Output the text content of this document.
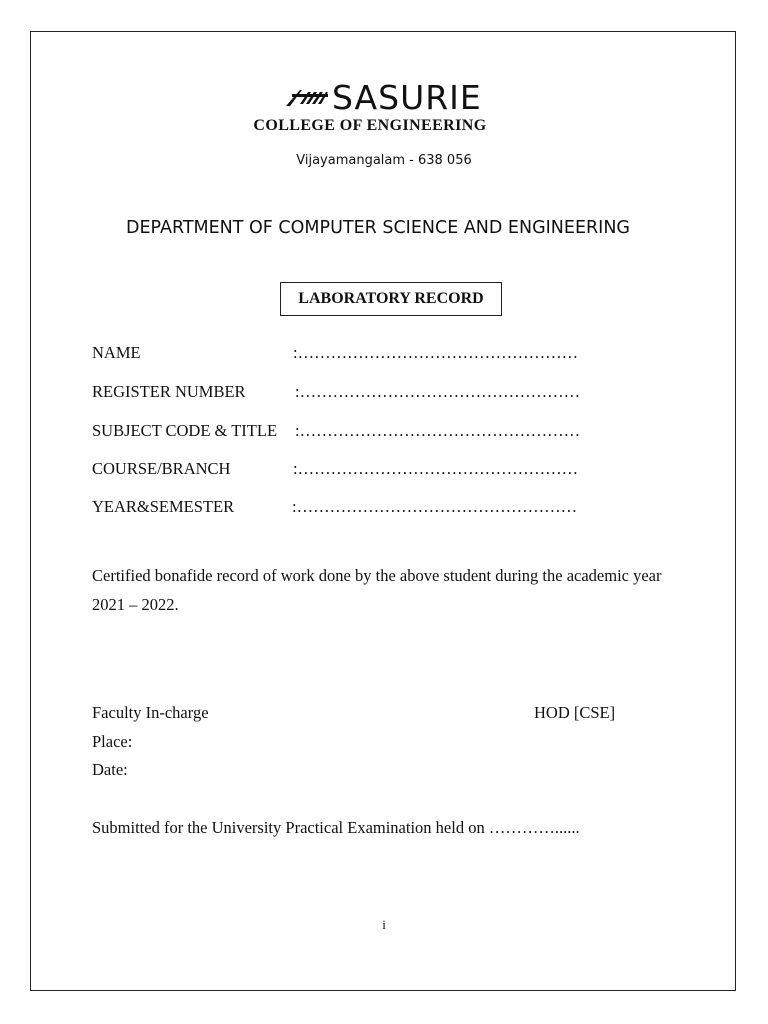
SASURIE
COLLEGE OF ENGINEERING
Vijayamangalam - 638 056
DEPARTMENT OF COMPUTER SCIENCE AND ENGINEERING
LABORATORY RECORD
NAME	:……………………………………………
REGISTER NUMBER	:……………………………………………
SUBJECT CODE & TITLE :……………………………………………
COURSE/BRANCH	:……………………………………………
YEAR&SEMESTER	:……………………………………………
Certified bonafide record of work done by the above student during the academic year 2021 – 2022.
Faculty In-charge	HOD [CSE]
Place:
Date:
Submitted for the University Practical Examination held on …………......
i
